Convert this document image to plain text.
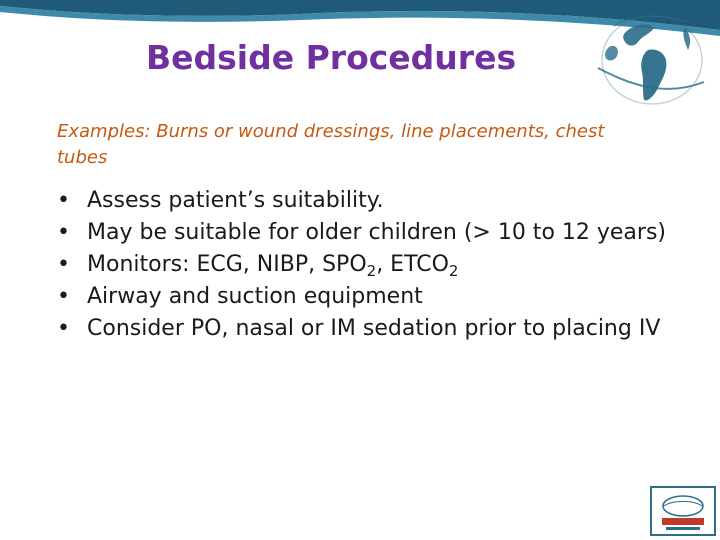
Bedside Procedures

Examples: Burns or wound dressings, line placements, chest tubes

• Assess patient’s suitability.
• May be suitable for older children (> 10 to 12 years)
• Monitors: ECG, NIBP, $SPO_2$, $ETCO_2$
• Airway and suction equipment
• Consider PO, nasal or IM sedation prior to placing IV
